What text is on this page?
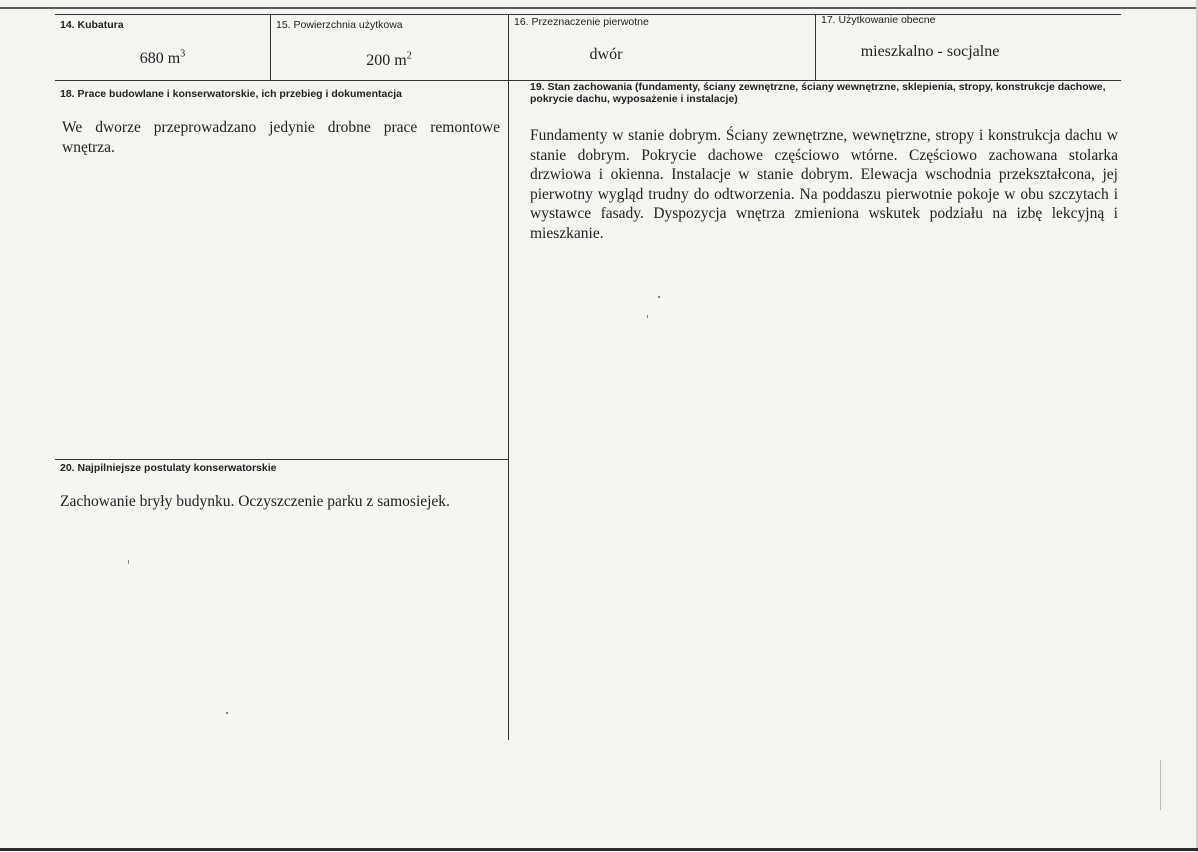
14. Kubatura
680 $m^3$
15. Powierzchnia użytkowa
200 $m^2$
16. Przeznaczenie pierwotne
dwór
17. Użytkowanie obecne
mieszkalno - socjalne
18. Prace budowlane i konserwatorskie, ich przebieg i dokumentacja
We dworze przeprowadzano jedynie drobne prace remontowe wnętrza.
19. Stan zachowania (fundamenty, ściany zewnętrzne, ściany wewnętrzne, sklepienia, stropy, konstrukcje dachowe,
pokrycie dachu, wyposażenie i instalacje)
Fundamenty w stanie dobrym. Ściany zewnętrzne, wewnętrzne, stropy i konstrukcja dachu w stanie dobrym. Pokrycie dachowe częściowo wtórne. Częściowo zachowana stolarka drzwiowa i okienna. Instalacje w stanie dobrym. Elewacja wschodnia przekształcona, jej pierwotny wygląd trudny do odtworzenia. Na poddaszu pierwotnie pokoje w obu szczytach i wystawce fasady. Dyspozycja wnętrza zmieniona wskutek podziału na izbę lekcyjną i mieszkanie.
20. Najpilniejsze postulaty konserwatorskie
Zachowanie bryły budynku. Oczyszczenie parku z samosiejek.
